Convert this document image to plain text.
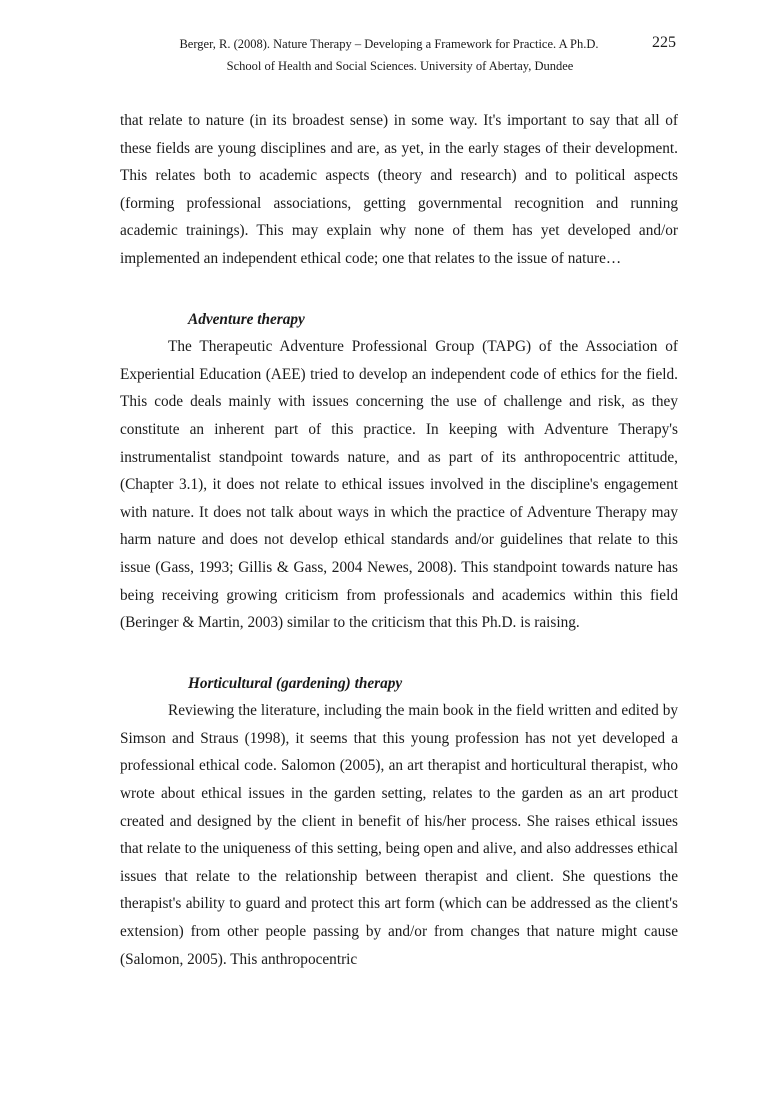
Berger, R. (2008). Nature Therapy – Developing a Framework for Practice. A Ph.D.
School of Health and Social Sciences. University of Abertay, Dundee
225

that relate to nature (in its broadest sense) in some way. It's important to say that all of these fields are young disciplines and are, as yet, in the early stages of their development. This relates both to academic aspects (theory and research) and to political aspects (forming professional associations, getting governmental recognition and running academic trainings). This may explain why none of them has yet developed and/or implemented an independent ethical code; one that relates to the issue of nature…

Adventure therapy

The Therapeutic Adventure Professional Group (TAPG) of the Association of Experiential Education (AEE) tried to develop an independent code of ethics for the field. This code deals mainly with issues concerning the use of challenge and risk, as they constitute an inherent part of this practice. In keeping with Adventure Therapy's instrumentalist standpoint towards nature, and as part of its anthropocentric attitude, (Chapter 3.1), it does not relate to ethical issues involved in the discipline's engagement with nature. It does not talk about ways in which the practice of Adventure Therapy may harm nature and does not develop ethical standards and/or guidelines that relate to this issue (Gass, 1993; Gillis & Gass, 2004 Newes, 2008). This standpoint towards nature has being receiving growing criticism from professionals and academics within this field (Beringer & Martin, 2003) similar to the criticism that this Ph.D. is raising.

Horticultural (gardening) therapy

Reviewing the literature, including the main book in the field written and edited by Simson and Straus (1998), it seems that this young profession has not yet developed a professional ethical code. Salomon (2005), an art therapist and horticultural therapist, who wrote about ethical issues in the garden setting, relates to the garden as an art product created and designed by the client in benefit of his/her process. She raises ethical issues that relate to the uniqueness of this setting, being open and alive, and also addresses ethical issues that relate to the relationship between therapist and client. She questions the therapist's ability to guard and protect this art form (which can be addressed as the client's extension) from other people passing by and/or from changes that nature might cause (Salomon, 2005). This anthropocentric
